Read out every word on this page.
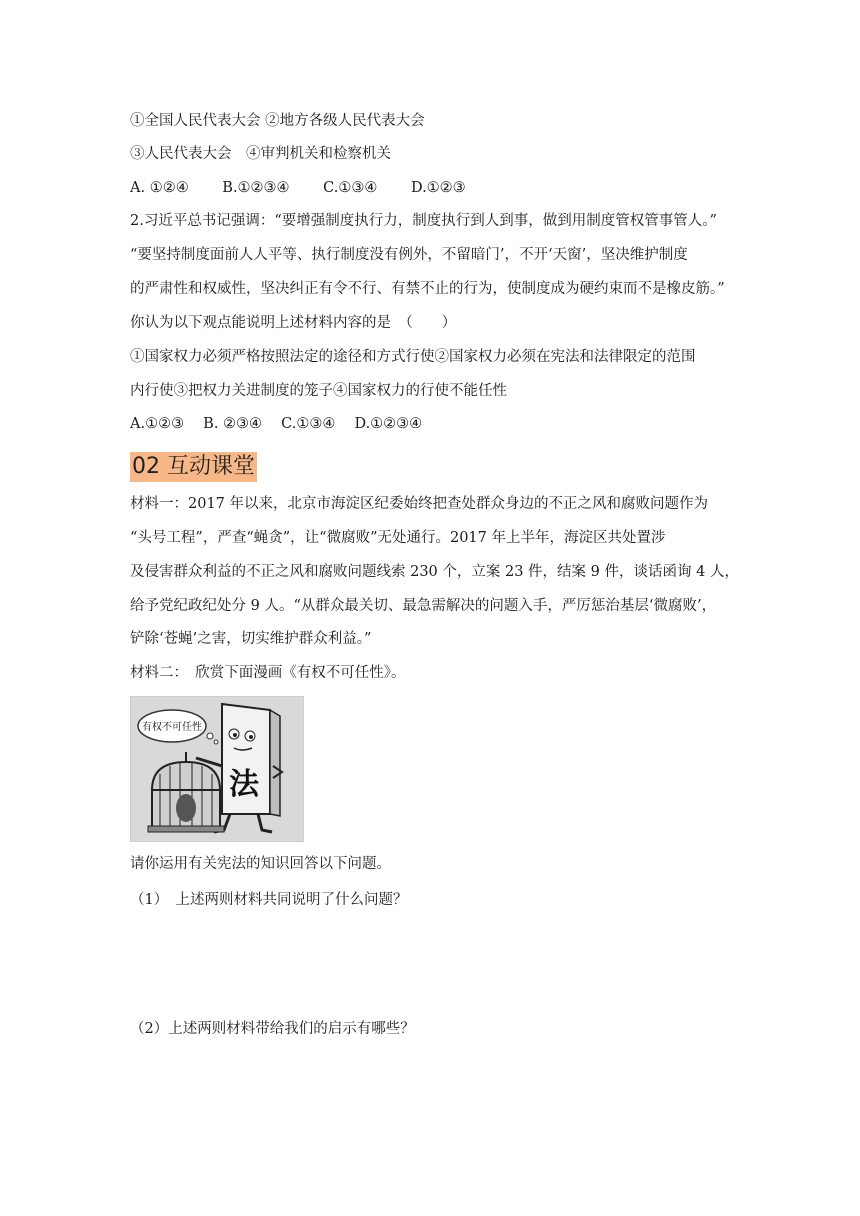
①全国人民代表大会 ②地方各级人民代表大会
③人民代表大会　④审判机关和检察机关
A. ①②④　　 B.①②③④　　 C.①③④　　 D.①②③
2.习近平总书记强调：“要增强制度执行力，制度执行到人到事，做到用制度管权管事管人。”
“要坚持制度面前人人平等、执行制度没有例外，不留暗门’，不开‘天窗’，坚决维护制度
的严肃性和权威性，坚决纠正有令不行、有禁不止的行为，使制度成为硬约束而不是橡皮筋。”
你认为以下观点能说明上述材料内容的是　（　　）
①国家权力必须严格按照法定的途径和方式行使②国家权力必须在宪法和法律限定的范围
内行使③把权力关进制度的笼子④国家权力的行使不能任性
A.①②③　 B. ②③④　 C.①③④　 D.①②③④
02 互动课堂
材料一：2017 年以来，北京市海淀区纪委始终把查处群众身边的不正之风和腐败问题作为
“头号工程”，严查“蝇贪”，让“微腐败”无处通行。2017 年上半年，海淀区共处置涉
及侵害群众利益的不正之风和腐败问题线索 230 个，立案 23 件，结案 9 件，谈话函询 4 人，
给予党纪政纪处分 9 人。“从群众最关切、最急需解决的问题入手，严厉惩治基层‘微腐败’，
铲除‘苍蝇’之害，切实维护群众利益。”
材料二：　欣赏下面漫画《有权不可任性》。
有权不可任性
法
请你运用有关宪法的知识回答以下问题。
（1）　上述两则材料共同说明了什么问题？
（2）上述两则材料带给我们的启示有哪些？
